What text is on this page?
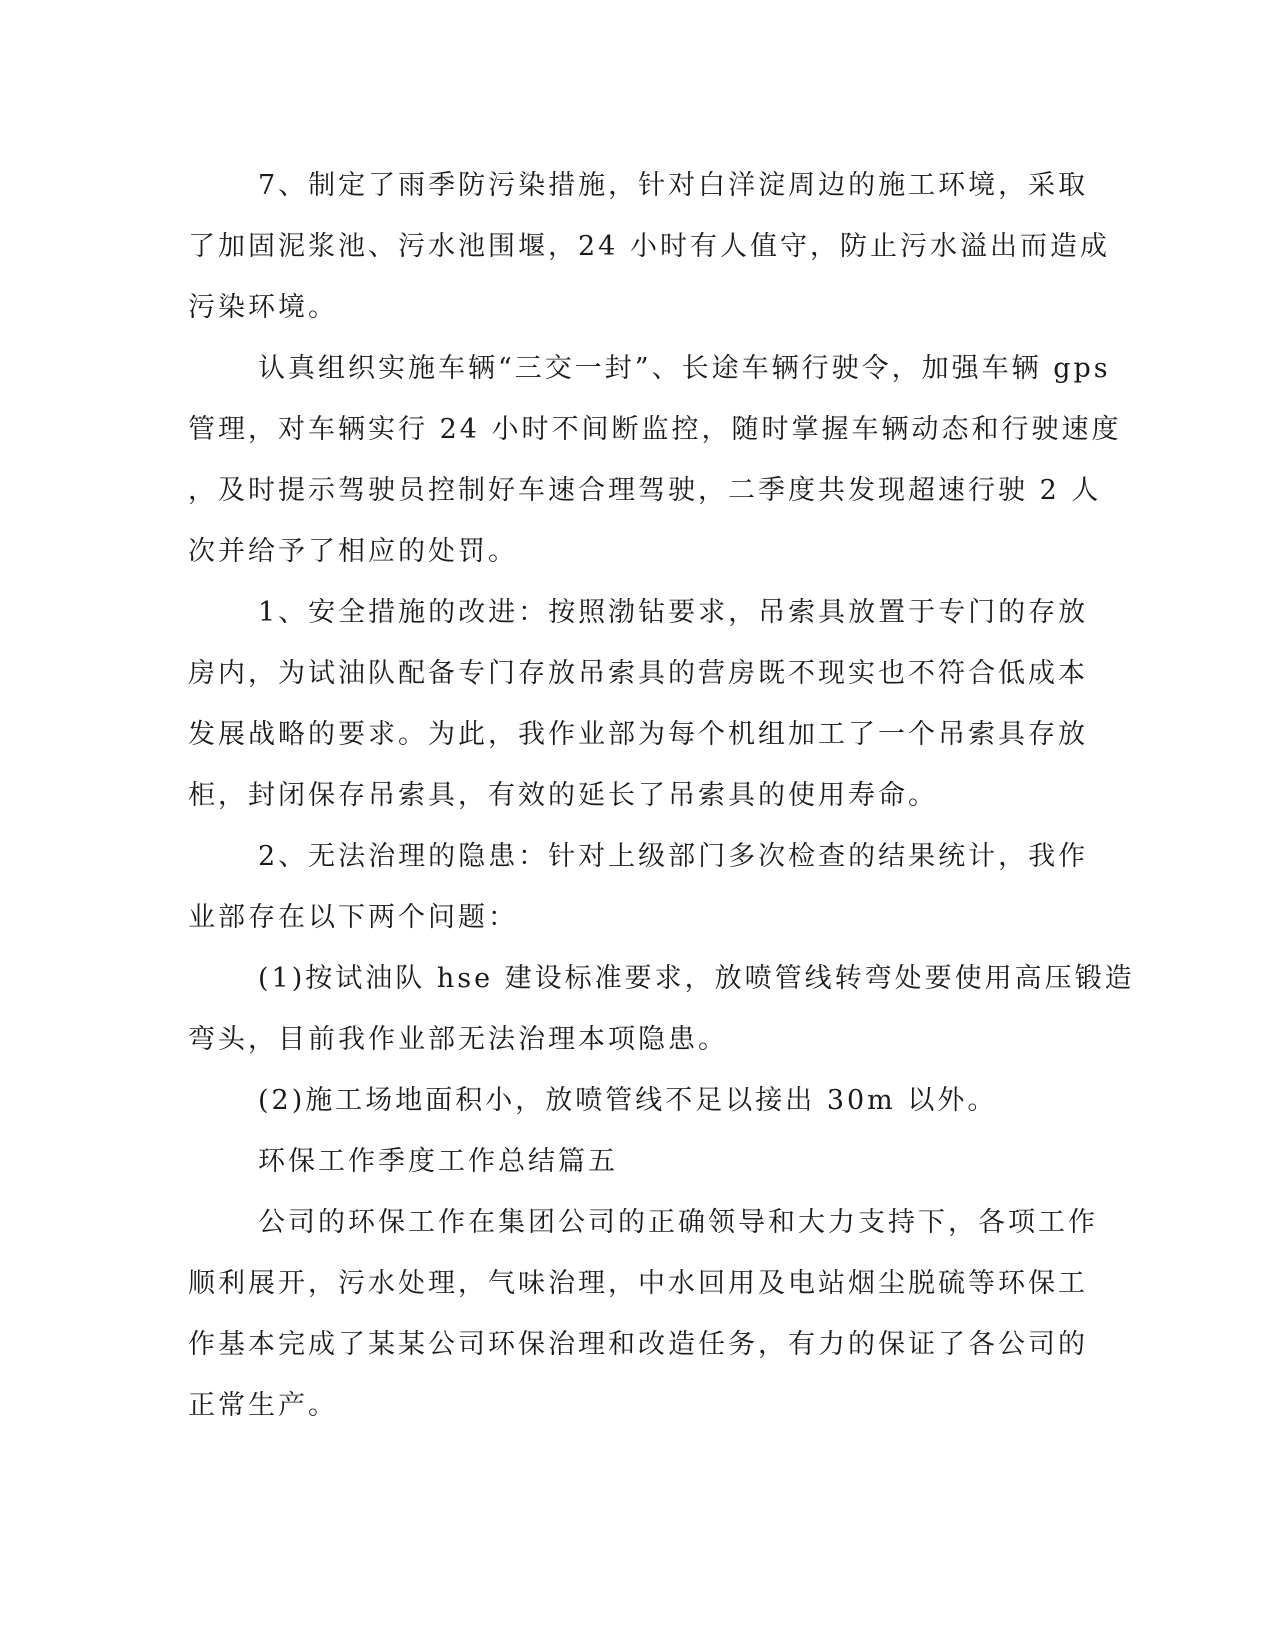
7、制定了雨季防污染措施，针对白洋淀周边的施工环境，采取
了加固泥浆池、污水池围堰，24 小时有人值守，防止污水溢出而造成
污染环境。
认真组织实施车辆“三交一封”、长途车辆行驶令，加强车辆 gps
管理，对车辆实行 24 小时不间断监控，随时掌握车辆动态和行驶速度
，及时提示驾驶员控制好车速合理驾驶，二季度共发现超速行驶 2 人
次并给予了相应的处罚。
1、安全措施的改进：按照渤钻要求，吊索具放置于专门的存放
房内，为试油队配备专门存放吊索具的营房既不现实也不符合低成本
发展战略的要求。为此，我作业部为每个机组加工了一个吊索具存放
柜，封闭保存吊索具，有效的延长了吊索具的使用寿命。
2、无法治理的隐患：针对上级部门多次检查的结果统计，我作
业部存在以下两个问题：
(1)按试油队 hse 建设标准要求，放喷管线转弯处要使用高压锻造
弯头，目前我作业部无法治理本项隐患。
(2)施工场地面积小，放喷管线不足以接出 30m 以外。
环保工作季度工作总结篇五
公司的环保工作在集团公司的正确领导和大力支持下，各项工作
顺利展开，污水处理，气味治理，中水回用及电站烟尘脱硫等环保工
作基本完成了某某公司环保治理和改造任务，有力的保证了各公司的
正常生产。
